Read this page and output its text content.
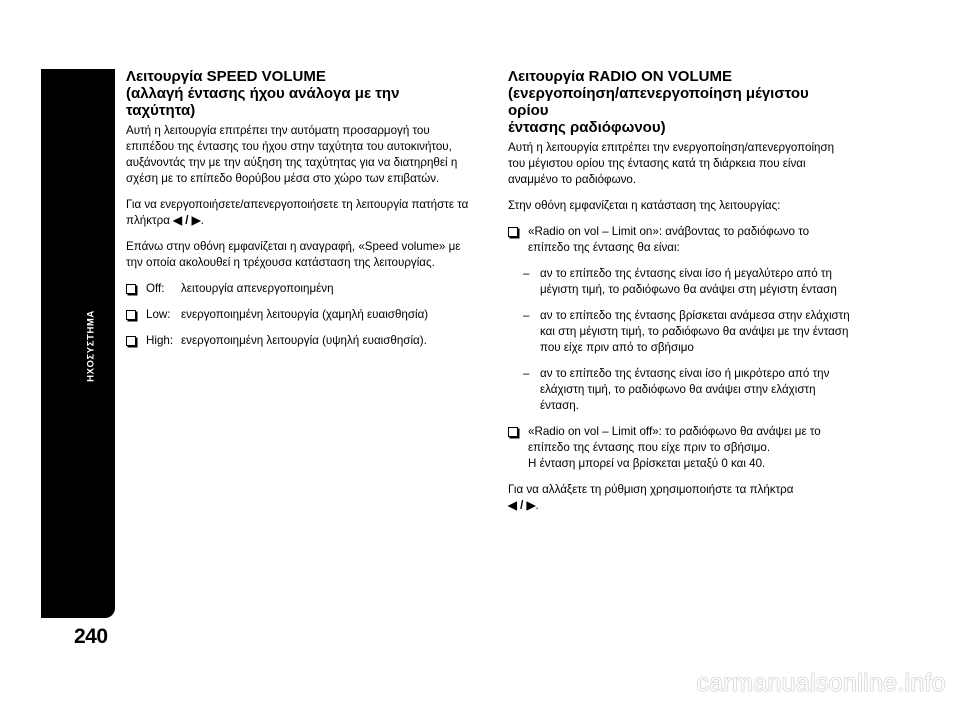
ΗΧΟΣΥΣΤΗΜΑ
240
Λειτουργία SPEED VOLUME
(αλλαγή έντασης ήχου ανάλογα με την
ταχύτητα)

Αυτή η λειτουργία επιτρέπει την αυτόματη προσαρμογή του επιπέδου της έντασης του ήχου στην ταχύτητα του αυτοκινήτου, αυξάνοντάς την με την αύξηση της ταχύτητας για να διατηρηθεί η σχέση με το επίπεδο θορύβου μέσα στο χώρο των επιβατών.

Για να ενεργοποιήσετε/απενεργοποιήσετε τη λειτουργία πατήστε τα πλήκτρα ◀ / ▶.

Επάνω στην οθόνη εμφανίζεται η αναγραφή, «Speed volume» με την οποία ακολουθεί η τρέχουσα κατάσταση της λειτουργίας.

Off:	λειτουργία απενεργοποιημένη
Low: ενεργοποιημένη λειτουργία (χαμηλή ευαισθησία)
High: ενεργοποιημένη λειτουργία (υψηλή ευαισθησία).
Λειτουργία RADIO ON VOLUME
(ενεργοποίηση/απενεργοποίηση μέγιστου ορίου
έντασης ραδιόφωνου)

Αυτή η λειτουργία επιτρέπει την ενεργοποίηση/απενεργοποίηση του μέγιστου ορίου της έντασης κατά τη διάρκεια που είναι αναμμένο το ραδιόφωνο.

Στην οθόνη εμφανίζεται η κατάσταση της λειτουργίας:

«Radio on vol – Limit on»: ανάβοντας το ραδιόφωνο το επίπεδο της έντασης θα είναι:
– αν το επίπεδο της έντασης είναι ίσο ή μεγαλύτερο από τη μέγιστη τιμή, το ραδιόφωνο θα ανάψει στη μέγιστη ένταση
– αν το επίπεδο της έντασης βρίσκεται ανάμεσα στην ελάχιστη και στη μέγιστη τιμή, το ραδιόφωνο θα ανάψει με την ένταση που είχε πριν από το σβήσιμο
– αν το επίπεδο της έντασης είναι ίσο ή μικρότερο από την ελάχιστη τιμή, το ραδιόφωνο θα ανάψει στην ελάχιστη ένταση.
«Radio on vol – Limit off»: το ραδιόφωνο θα ανάψει με το επίπεδο της έντασης που είχε πριν το σβήσιμο.
Η ένταση μπορεί να βρίσκεται μεταξύ 0 και 40.

Για να αλλάξετε τη ρύθμιση χρησιμοποιήστε τα πλήκτρα
◀ / ▶.

carmanualsonline.info
